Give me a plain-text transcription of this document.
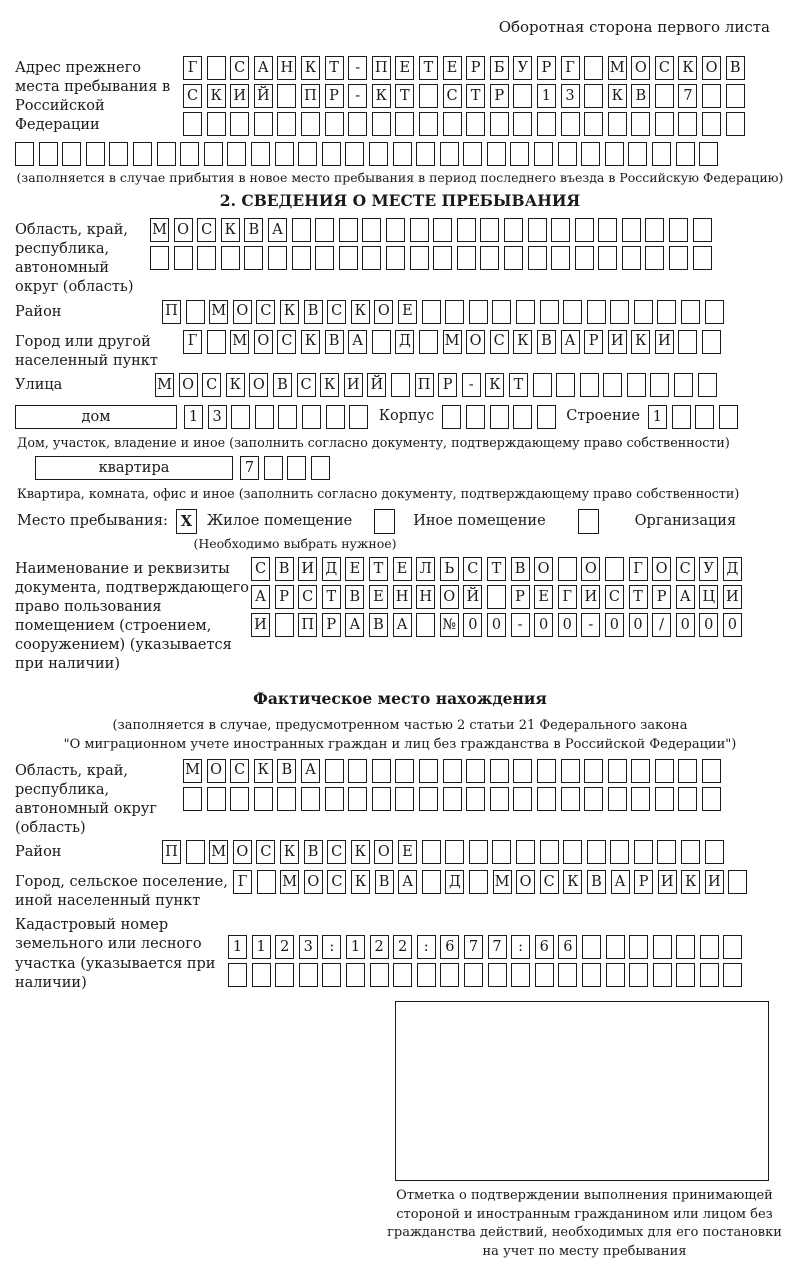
Оборотная сторона первого листа
Адрес прежнего места пребывания в Российской Федерации
Г	С А Н К Т	-	П Е Т Е Р Б У Р Г	М О С К О В
С К И Й П Р	-	К Т	С Т Р	1 3	К В	7
(заполняется в случае прибытия в новое место пребывания в период последнего въезда в Российскую Федерацию)
2. СВЕДЕНИЯ О МЕСТЕ ПРЕБЫВАНИЯ
Область, край, республика, автономный округ (область)
М О С К В А
Район	П М О С К В С К О Е
Город или другой населенный пункт
Г	М О С К В А Д М О С К В А Р И К И
Улица	М О С К О В С К И Й П Р	-	К Т
дом	1 3	Корпус	Строение 1
Дом, участок, владение и иное (заполнить согласно документу, подтверждающему право собственности)
квартира	7
Квартира, комната, офис и иное (заполнить согласно документу, подтверждающему право собственности)
Место пребывания: X	Жилое помещение	Иное помещение	Организация
(Необходимо выбрать нужное)
Наименование и реквизиты документа, подтверждающего право пользования помещением (строением, сооружением) (указывается при наличии)
С В И Д Е Т Е Л Ь С Т В О О	Г О С У Д
А Р С Т В Е Н Н О Й	Р Е Г И С Т Р А Ц И
И П Р А В А № 0 0	-	0 0	-	0 0	/	0 0 0
Фактическое место нахождения
(заполняется в случае, предусмотренном частью 2 статьи 21 Федерального закона
"О миграционном учете иностранных граждан и лиц без гражданства в Российской Федерации")
Область, край, республика, автономный округ (область)
М О С К В А
Район	П М О С К В С К О Е
Город, сельское поселение, иной населенный пункт
Г	М О С К В А Д М О С К В А Р И К И
Кадастровый номер земельного или лесного участка (указывается при наличии)
1 1 2 3	:	1 2 2	:	6 7 7	:	6 6
Отметка о подтверждении выполнения принимающей стороной и иностранным гражданином или лицом без гражданства действий, необходимых для его постановки на учет по месту пребывания
